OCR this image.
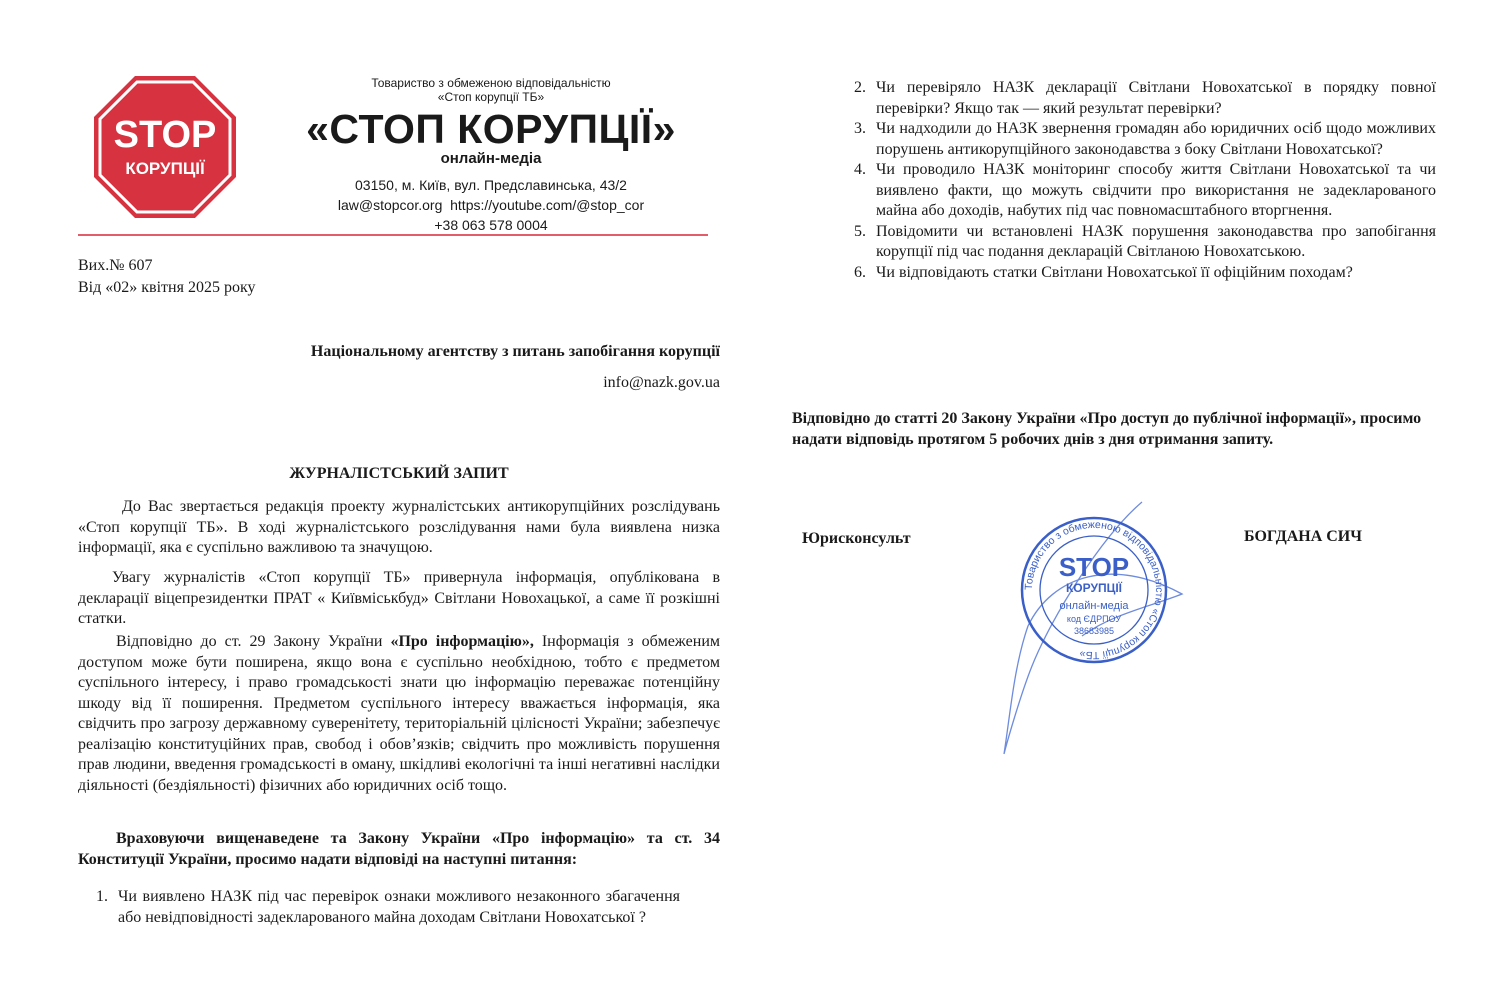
STOP
КОРУПЦІЇ
Товариство з обмеженою відповідальністю
«Стоп корупції ТБ»
«СТОП КОРУПЦІЇ»
онлайн-медіа
03150, м. Київ, вул. Предславинська, 43/2
law@stopcor.org  https://youtube.com/@stop_cor
+38 063 578 0004
Вих.№ 607
Від «02» квітня 2025 року
Національному агентству з питань запобігання корупції
info@nazk.gov.ua
ЖУРНАЛІСТСЬКИЙ ЗАПИТ
До Вас звертається редакція проекту журналістських антикорупційних розслідувань «Стоп корупції ТБ». В ході журналістського розслідування нами була виявлена низка інформації, яка є суспільно важливою та значущою.
Увагу журналістів «Стоп корупції ТБ» привернула інформація, опублікована в декларації віцепрезидентки ПРАТ « Київміськбуд» Світлани Новохацької, а саме її розкішні статки.
Відповідно до ст. 29 Закону України «Про інформацію», Інформація з обмеженим доступом може бути поширена, якщо вона є суспільно необхідною, тобто є предметом суспільного інтересу, і право громадськості знати цю інформацію переважає потенційну шкоду від її поширення. Предметом суспільного інтересу вважається інформація, яка свідчить про загрозу державному суверенітету, територіальній цілісності України; забезпечує реалізацію конституційних прав, свобод і обов’язків; свідчить про можливість порушення прав людини, введення громадськості в оману, шкідливі екологічні та інші негативні наслідки діяльності (бездіяльності) фізичних або юридичних осіб тощо.
Враховуючи вищенаведене та Закону України «Про інформацію» та ст. 34 Конституції України, просимо надати відповіді на наступні питання:
1. Чи виявлено НАЗК під час перевірок ознаки можливого незаконного збагачення або невідповідності задекларованого майна доходам Світлани Новохатської ?
2. Чи перевіряло НАЗК декларації Світлани Новохатської в порядку повної перевірки? Якщо так — який результат перевірки?
3. Чи надходили до НАЗК звернення громадян або юридичних осіб щодо можливих порушень антикорупційного законодавства з боку Світлани Новохатської?
4. Чи проводило НАЗК моніторинг способу життя Світлани Новохатської та чи виявлено факти, що можуть свідчити про використання не задекларованого майна або доходів, набутих під час повномасштабного вторгнення.
5. Повідомити чи встановлені НАЗК порушення законодавства про запобігання корупції під час подання декларацій Світланою Новохатською.
6. Чи відповідають статки Світлани Новохатської її офіційним походам?
Відповідно до статті 20 Закону України «Про доступ до публічної інформації», просимо надати відповідь протягом 5 робочих днів з дня отримання запиту.
Юрисконсульт	БОГДАНА СИЧ
Товариство з обмеженою відповідальністю «Стоп корупції ТБ»
STOP
КОРУПЦІЇ
онлайн-медіа
код ЄДРПОУ
38683985
